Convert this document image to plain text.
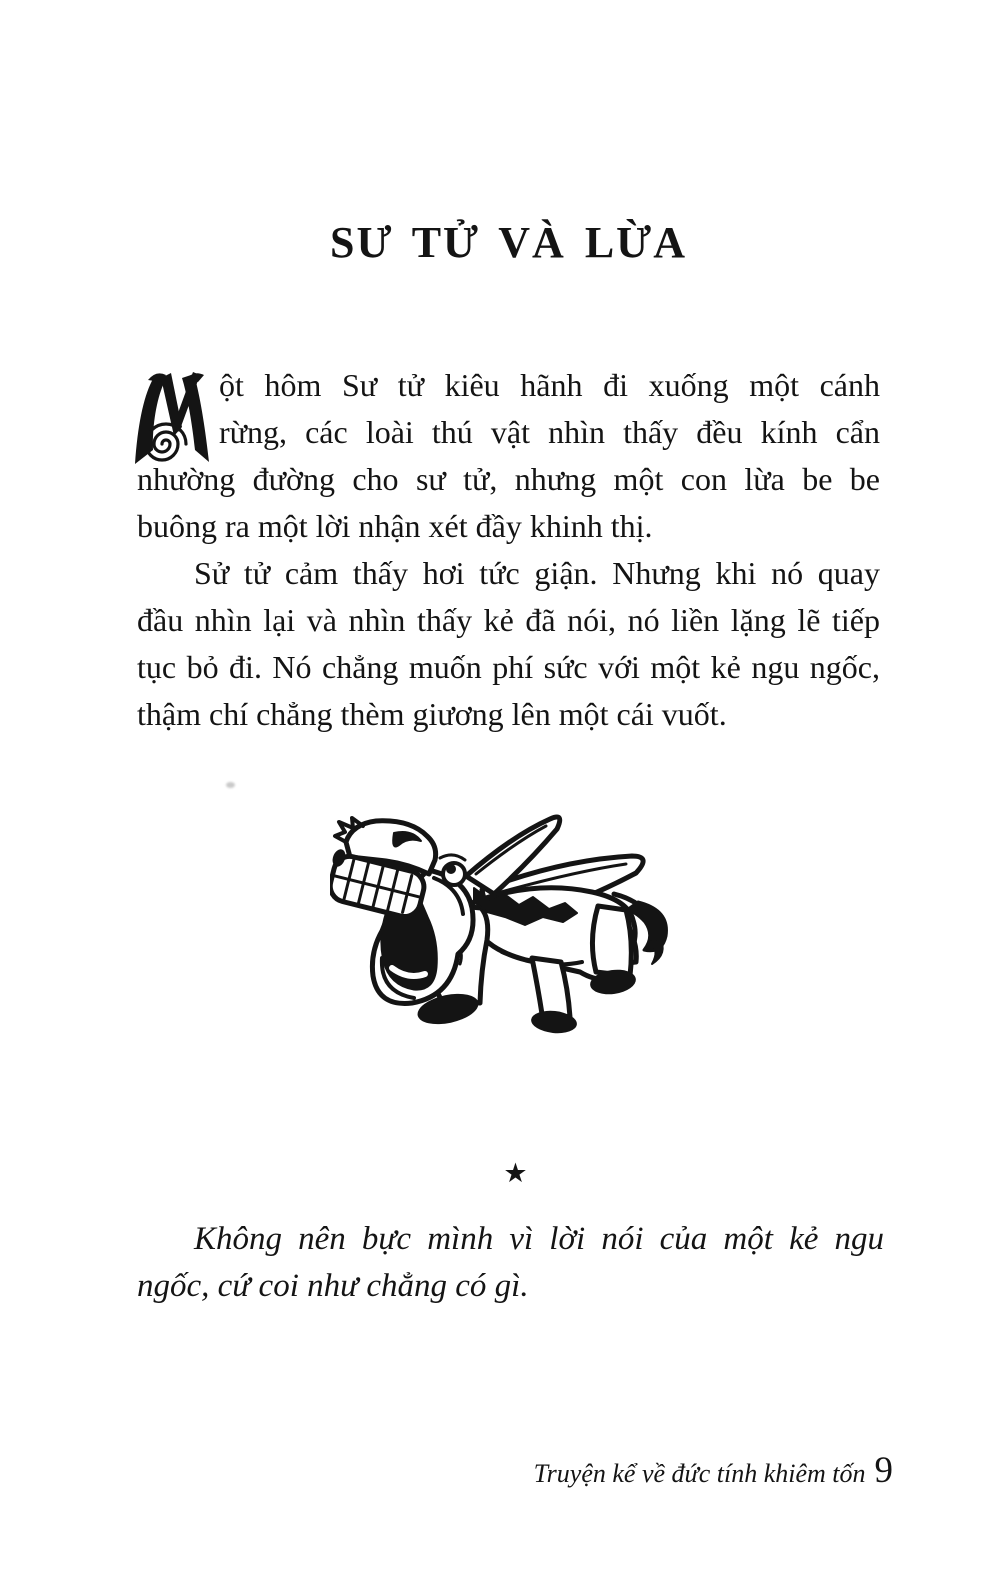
SƯ TỬ VÀ LỪA
ột hôm Sư tử kiêu hãnh đi xuống một cánh
rừng, các loài thú vật nhìn thấy đều kính cẩn
nhường đường cho sư tử, nhưng một con lừa be be
buông ra một lời nhận xét đầy khinh thị.
Sử tử cảm thấy hơi tức giận. Nhưng khi nó quay
đầu nhìn lại và nhìn thấy kẻ đã nói, nó liền lặng lẽ tiếp
tục bỏ đi. Nó chẳng muốn phí sức với một kẻ ngu ngốc,
thậm chí chẳng thèm giương lên một cái vuốt.
★
Không nên bực mình vì lời nói của một kẻ ngu
ngốc, cứ coi như chẳng có gì.
Truyện kể về đức tính khiêm tốn 9
